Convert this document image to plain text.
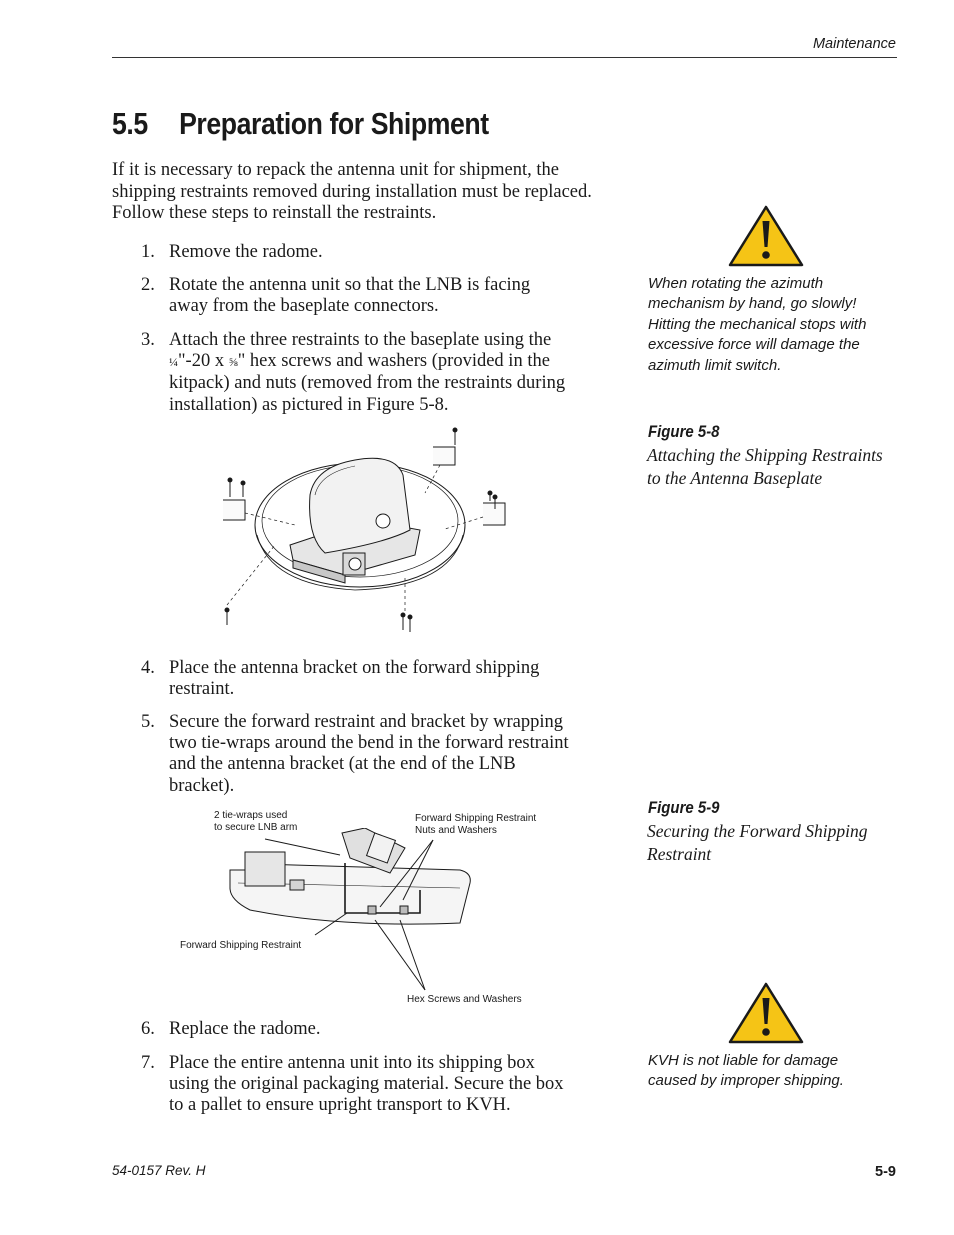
Maintenance
5.5 Preparation for Shipment
If it is necessary to repack the antenna unit for shipment, the shipping restraints removed during installation must be replaced. Follow these steps to reinstall the restraints.
1. Remove the radome.
2. Rotate the antenna unit so that the LNB is facing away from the baseplate connectors.
3. Attach the three restraints to the baseplate using the ¼"-20 x ⅝" hex screws and washers (provided in the kitpack) and nuts (removed from the restraints during installation) as pictured in Figure 5-8.
4. Place the antenna bracket on the forward shipping restraint.
5. Secure the forward restraint and bracket by wrapping two tie-wraps around the bend in the forward restraint and the antenna bracket (at the end of the LNB bracket).
2 tie-wraps used
to secure LNB arm
Forward Shipping Restraint
Nuts and Washers
Forward Shipping Restraint
Hex Screws and Washers
6. Replace the radome.
7. Place the entire antenna unit into its shipping box using the original packaging material. Secure the box to a pallet to ensure upright transport to KVH.
When rotating the azimuth mechanism by hand, go slowly! Hitting the mechanical stops with excessive force will damage the azimuth limit switch.
Figure 5-8
Attaching the Shipping Restraints to the Antenna Baseplate
Figure 5-9
Securing the Forward Shipping Restraint
KVH is not liable for damage caused by improper shipping.
54-0157 Rev. H	5-9
